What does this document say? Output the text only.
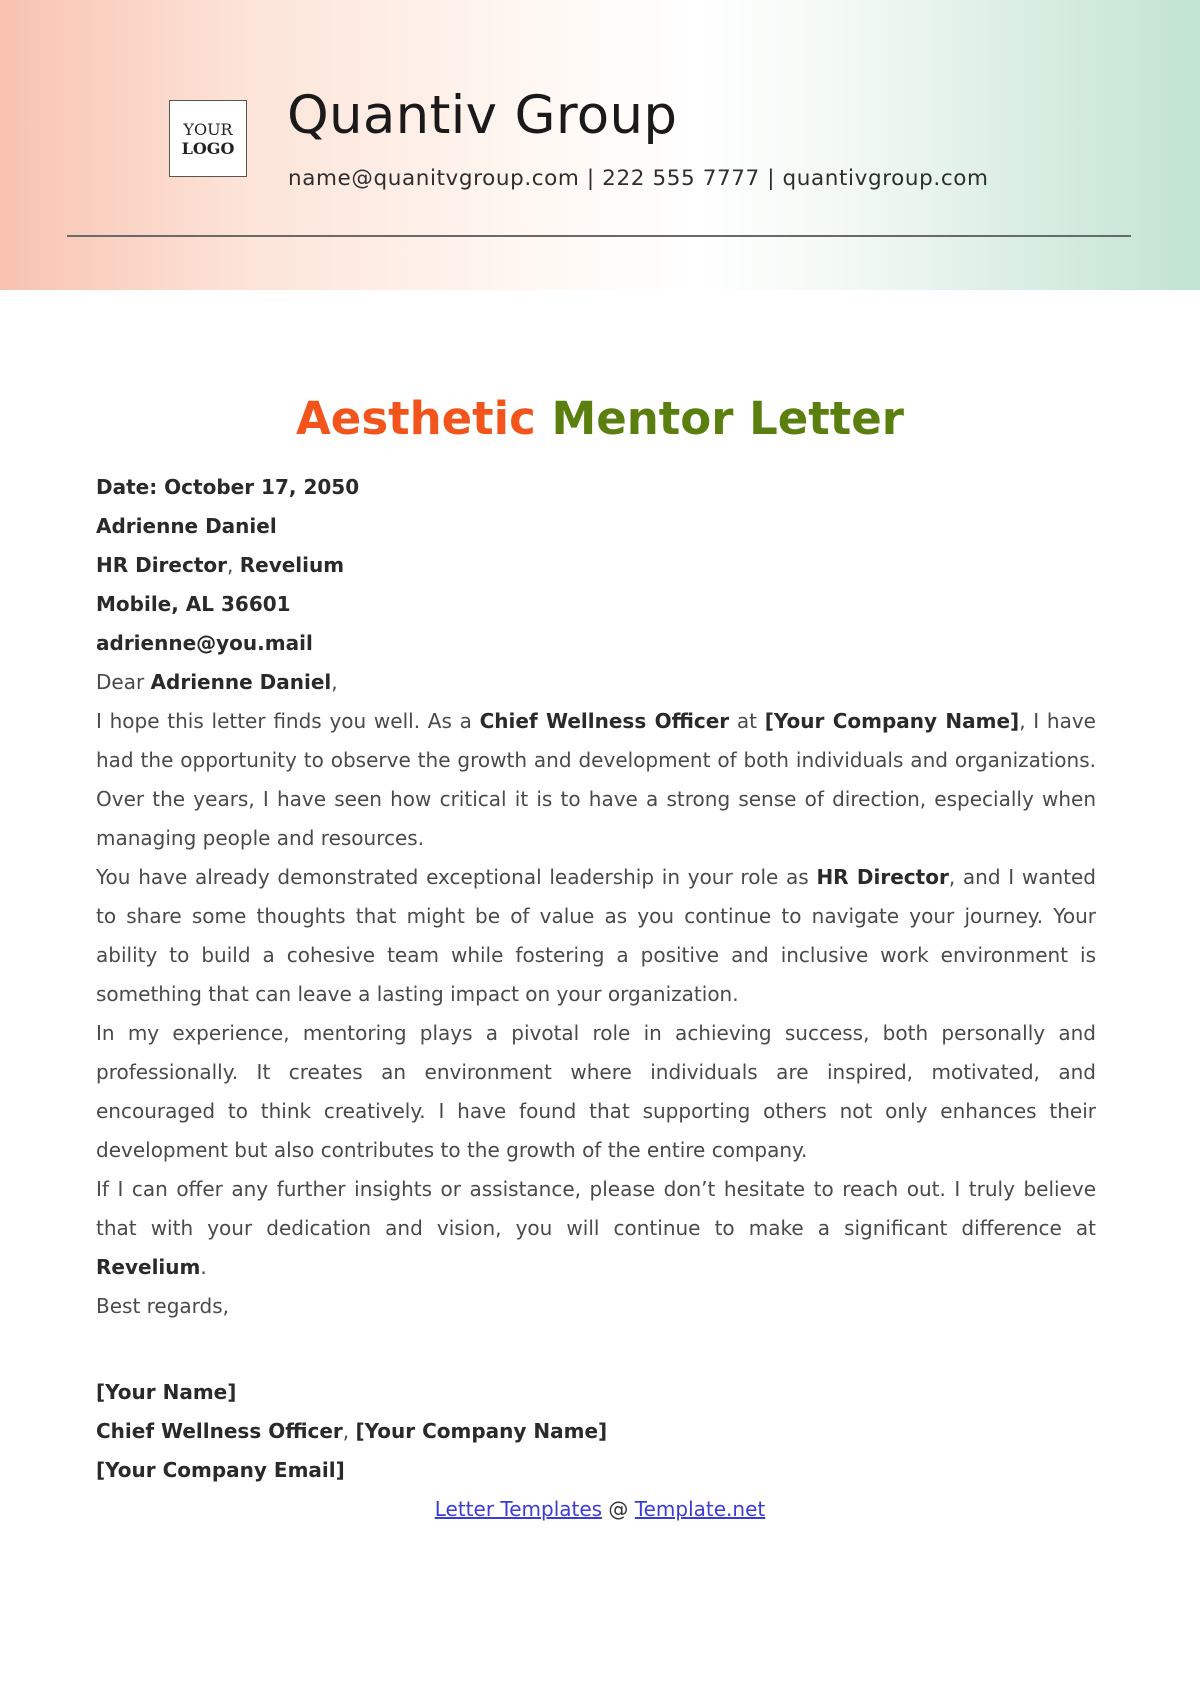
YOUR
LOGO
Quantiv Group
name@quanitvgroup.com | 222 555 7777 | quantivgroup.com
Aesthetic Mentor Letter
Date: October 17, 2050
Adrienne Daniel
HR Director, Revelium
Mobile, AL 36601
adrienne@you.mail
Dear Adrienne Daniel,

I hope this letter finds you well. As a Chief Wellness Officer at [Your Company Name], I have had the opportunity to observe the growth and development of both individuals and organizations. Over the years, I have seen how critical it is to have a strong sense of direction, especially when managing people and resources.

You have already demonstrated exceptional leadership in your role as HR Director, and I wanted to share some thoughts that might be of value as you continue to navigate your journey. Your ability to build a cohesive team while fostering a positive and inclusive work environment is something that can leave a lasting impact on your organization.

In my experience, mentoring plays a pivotal role in achieving success, both personally and professionally. It creates an environment where individuals are inspired, motivated, and encouraged to think creatively. I have found that supporting others not only enhances their development but also contributes to the growth of the entire company.

If I can offer any further insights or assistance, please don’t hesitate to reach out. I truly believe that with your dedication and vision, you will continue to make a significant difference at Revelium.

Best regards,
[Your Name]
Chief Wellness Officer, [Your Company Name]
[Your Company Email]
Letter Templates @ Template.net
